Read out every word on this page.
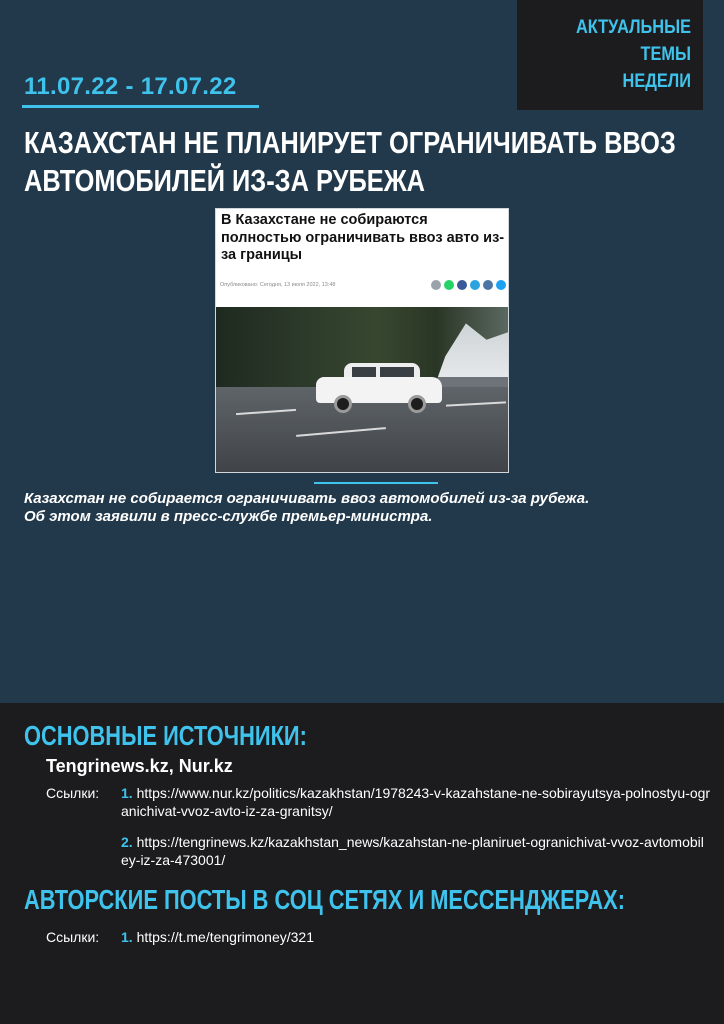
АКТУАЛЬНЫЕ ТЕМЫ
НЕДЕЛИ
11.07.22 - 17.07.22
КАЗАХСТАН НЕ ПЛАНИРУЕТ ОГРАНИЧИВАТЬ ВВОЗ
АВТОМОБИЛЕЙ ИЗ-ЗА РУБЕЖА
В Казахстане не собираются полностью ограничивать ввоз авто из-за границы
Опубликовано: Сегодня, 13 июля 2022, 13:48
Казахстан не собирается ограничивать ввоз автомобилей из-за рубежа.
Об этом заявили в пресс-службе премьер-министра.
ОСНОВНЫЕ ИСТОЧНИКИ:
Tengrinews.kz, Nur.kz
Ссылки: 1. https://www.nur.kz/politics/kazakhstan/1978243-v-kazahstane-ne-sobirayutsya-polnostyu-ogranichivat-vvoz-avto-iz-za-granitsy/
2. https://tengrinews.kz/kazakhstan_news/kazahstan-ne-planiruet-ogranichivat-vvoz-avtomobiley-iz-za-473001/
АВТОРСКИЕ ПОСТЫ В СОЦ СЕТЯХ И МЕССЕНДЖЕРАХ:
Ссылки: 1. https://t.me/tengrimoney/321
